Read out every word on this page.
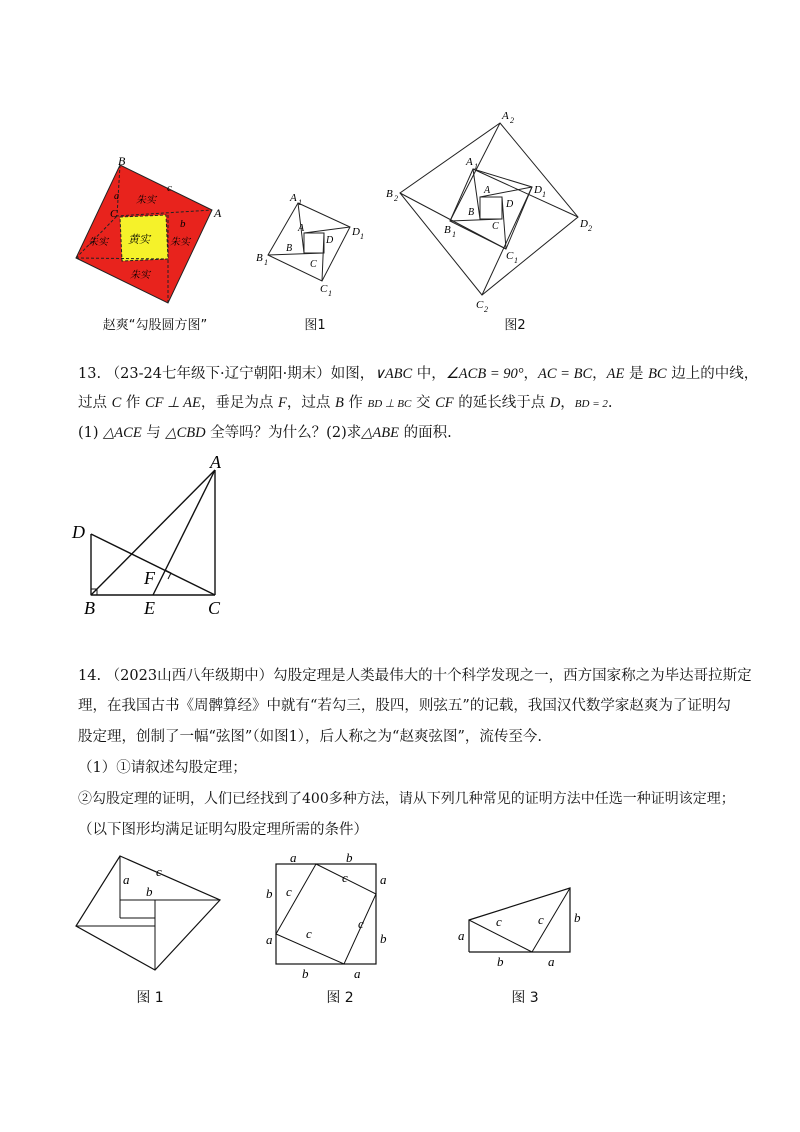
B
A
C
c
b
a 朱实
朱实	朱实
朱实
黄实
赵爽“勾股圆方图”
A 1
D 1
C 1
B 1
A
D
B
C
图1
A 2
D 2
C 2
B 2
A 1
D 1
C 1
B 1
A
D
B
C
图2
13. （23-24七年级下·辽宁朝阳·期末）如图，∨ABC 中，∠ACB = 90°，AC = BC，AE 是 BC 边上的中线，
过点 C 作 CF ⊥ AE，垂足为点 F，过点 B 作 BD ⊥ BC 交 CF 的延长线于点 D，BD = 2.
(1) △ACE 与 △CBD 全等吗？为什么？(2)求△ABE 的面积.
A
D
F
B	E	C
14. （2023山西八年级期中）勾股定理是人类最伟大的十个科学发现之一，西方国家称之为毕达哥拉斯定
理，在我国古书《周髀算经》中就有“若勾三，股四，则弦五”的记载，我国汉代数学家赵爽为了证明勾
股定理，创制了一幅“弦图”（如图1），后人称之为“赵爽弦图”，流传至今.
（1）①请叙述勾股定理；
②勾股定理的证明，人们已经找到了400多种方法，请从下列几种常见的证明方法中任选一种证明该定理；
（以下图形均满足证明勾股定理所需的条件）
a
c
b
图 1
a	b
b
a
a
b
b	a
c
c
c
c
图 2
a
b	a
b
c	c
图 3
